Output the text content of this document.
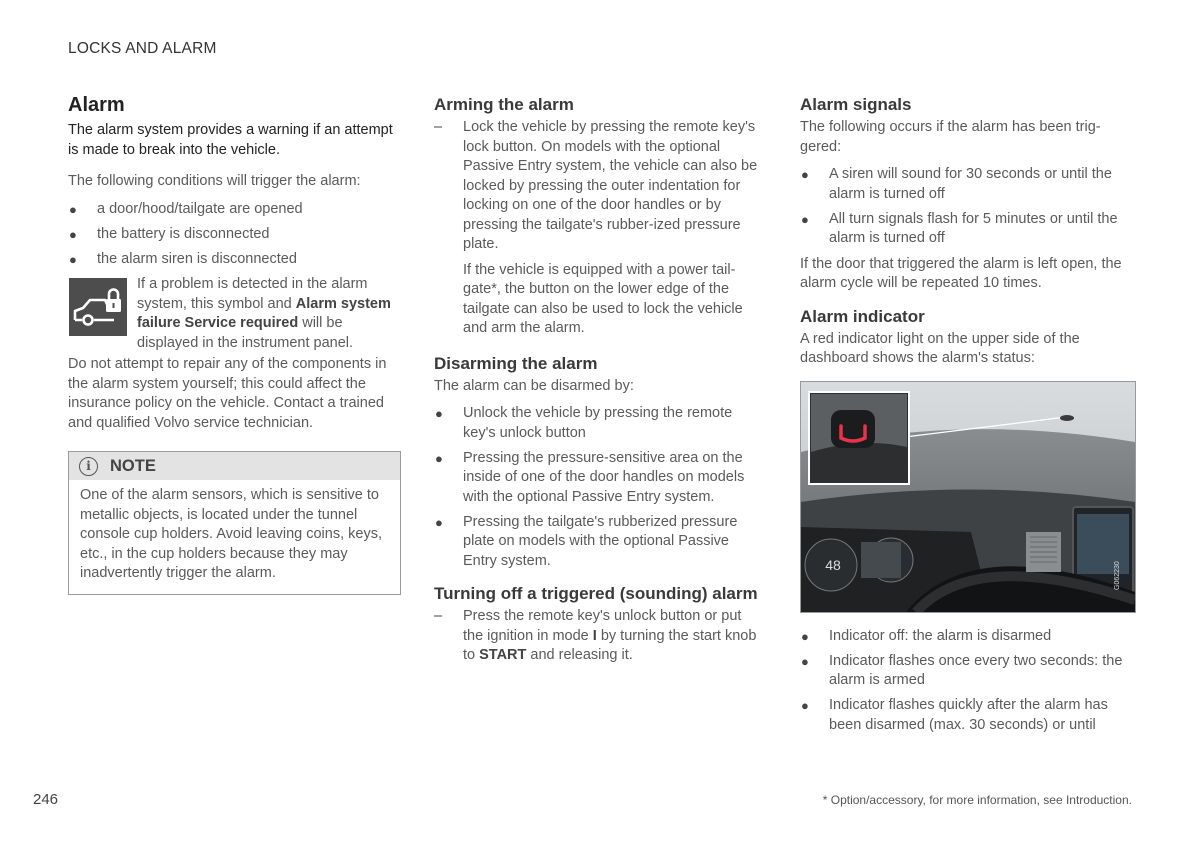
LOCKS AND ALARM
Alarm
The alarm system provides a warning if an attempt is made to break into the vehicle.

The following conditions will trigger the alarm:

● a door/hood/tailgate are opened
● the battery is disconnected
● the alarm siren is disconnected
If a problem is detected in the alarm system, this symbol and Alarm system failure Service required will be displayed in the instrument panel.

Do not attempt to repair any of the components in the alarm system yourself; this could affect the insurance policy on the vehicle. Contact a trained and qualified Volvo service technician.

i	NOTE
One of the alarm sensors, which is sensitive to metallic objects, is located under the tunnel console cup holders. Avoid leaving coins, keys, etc., in the cup holders because they may inadvertently trigger the alarm.
Arming the alarm
– Lock the vehicle by pressing the remote key's lock button. On models with the optional Passive Entry system, the vehicle can also be locked by pressing the outer indentation for locking on one of the door handles or by pressing the tailgate's rubber-ized pressure plate.

If the vehicle is equipped with a power tail-gate*, the button on the lower edge of the tailgate can also be used to lock the vehicle and arm the alarm.

Disarming the alarm

The alarm can be disarmed by:

● Unlock the vehicle by pressing the remote key's unlock button
● Pressing the pressure-sensitive area on the inside of one of the door handles on models with the optional Passive Entry system.
● Pressing the tailgate's rubberized pressure plate on models with the optional Passive Entry system.
Turning off a triggered (sounding) alarm
– Press the remote key's unlock button or put the ignition in mode I by turning the start knob to START and releasing it.
Alarm signals

The following occurs if the alarm has been trig-gered:

● A siren will sound for 30 seconds or until the alarm is turned off
● All turn signals flash for 5 minutes or until the alarm is turned off

If the door that triggered the alarm is left open, the alarm cycle will be repeated 10 times.

Alarm indicator

A red indicator light on the upper side of the dashboard shows the alarm's status:

48	G062230
● Indicator off: the alarm is disarmed
● Indicator flashes once every two seconds: the alarm is armed
● Indicator flashes quickly after the alarm has been disarmed (max. 30 seconds) or until
246	* Option/accessory, for more information, see Introduction.
